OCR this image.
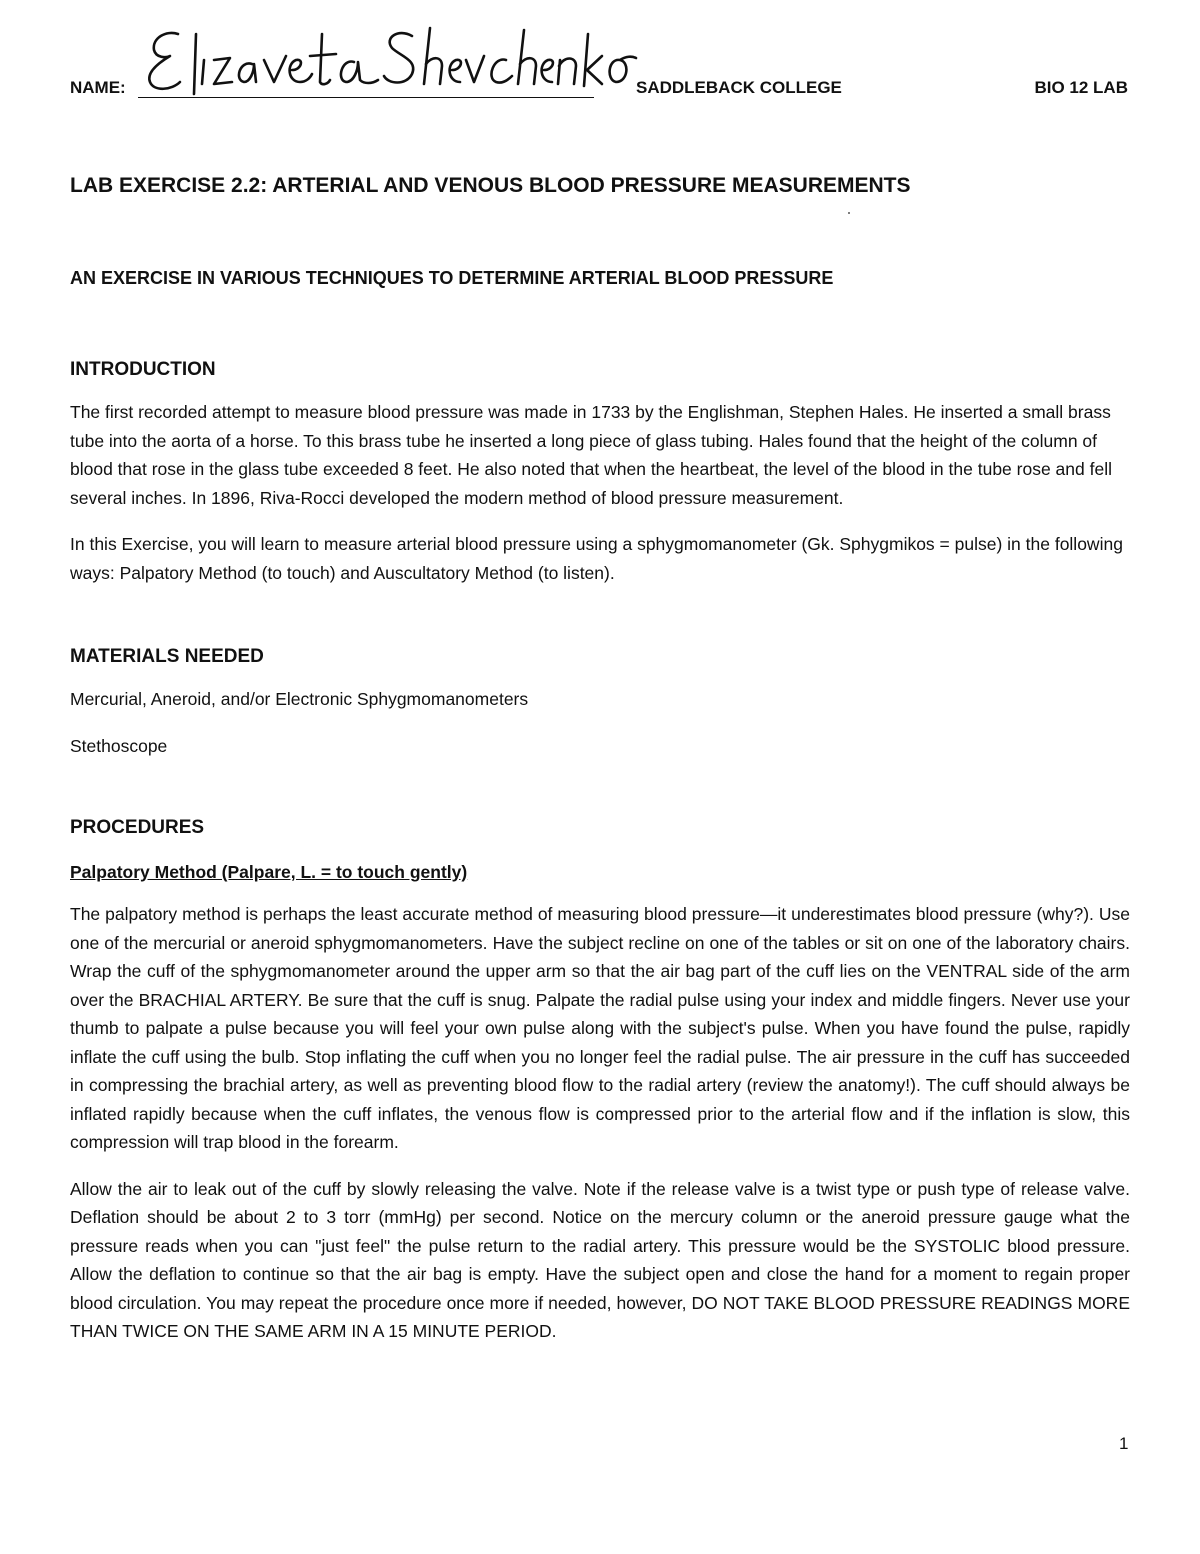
NAME:	SADDLEBACK COLLEGE	BIO 12 LAB
LAB EXERCISE 2.2: ARTERIAL AND VENOUS BLOOD PRESSURE MEASUREMENTS
AN EXERCISE IN VARIOUS TECHNIQUES TO DETERMINE ARTERIAL BLOOD PRESSURE
INTRODUCTION

The first recorded attempt to measure blood pressure was made in 1733 by the Englishman, Stephen Hales. He inserted a small brass tube into the aorta of a horse. To this brass tube he inserted a long piece of glass tubing. Hales found that the height of the column of blood that rose in the glass tube exceeded 8 feet. He also noted that when the heartbeat, the level of the blood in the tube rose and fell several inches. In 1896, Riva-Rocci developed the modern method of blood pressure measurement.

In this Exercise, you will learn to measure arterial blood pressure using a sphygmomanometer (Gk. Sphygmikos = pulse) in the following ways: Palpatory Method (to touch) and Auscultatory Method (to listen).

MATERIALS NEEDED

Mercurial, Aneroid, and/or Electronic Sphygmomanometers

Stethoscope

PROCEDURES
Palpatory Method (Palpare, L. = to touch gently)

The palpatory method is perhaps the least accurate method of measuring blood pressure—it underestimates blood pressure (why?). Use one of the mercurial or aneroid sphygmomanometers. Have the subject recline on one of the tables or sit on one of the laboratory chairs. Wrap the cuff of the sphygmomanometer around the upper arm so that the air bag part of the cuff lies on the VENTRAL side of the arm over the BRACHIAL ARTERY. Be sure that the cuff is snug. Palpate the radial pulse using your index and middle fingers. Never use your thumb to palpate a pulse because you will feel your own pulse along with the subject's pulse. When you have found the pulse, rapidly inflate the cuff using the bulb. Stop inflating the cuff when you no longer feel the radial pulse. The air pressure in the cuff has succeeded in compressing the brachial artery, as well as preventing blood flow to the radial artery (review the anatomy!). The cuff should always be inflated rapidly because when the cuff inflates, the venous flow is compressed prior to the arterial flow and if the inflation is slow, this compression will trap blood in the forearm.

Allow the air to leak out of the cuff by slowly releasing the valve. Note if the release valve is a twist type or push type of release valve. Deflation should be about 2 to 3 torr (mmHg) per second. Notice on the mercury column or the aneroid pressure gauge what the pressure reads when you can "just feel" the pulse return to the radial artery. This pressure would be the SYSTOLIC blood pressure. Allow the deflation to continue so that the air bag is empty. Have the subject open and close the hand for a moment to regain proper blood circulation. You may repeat the procedure once more if needed, however, DO NOT TAKE BLOOD PRESSURE READINGS MORE THAN TWICE ON THE SAME ARM IN A 15 MINUTE PERIOD.

1
